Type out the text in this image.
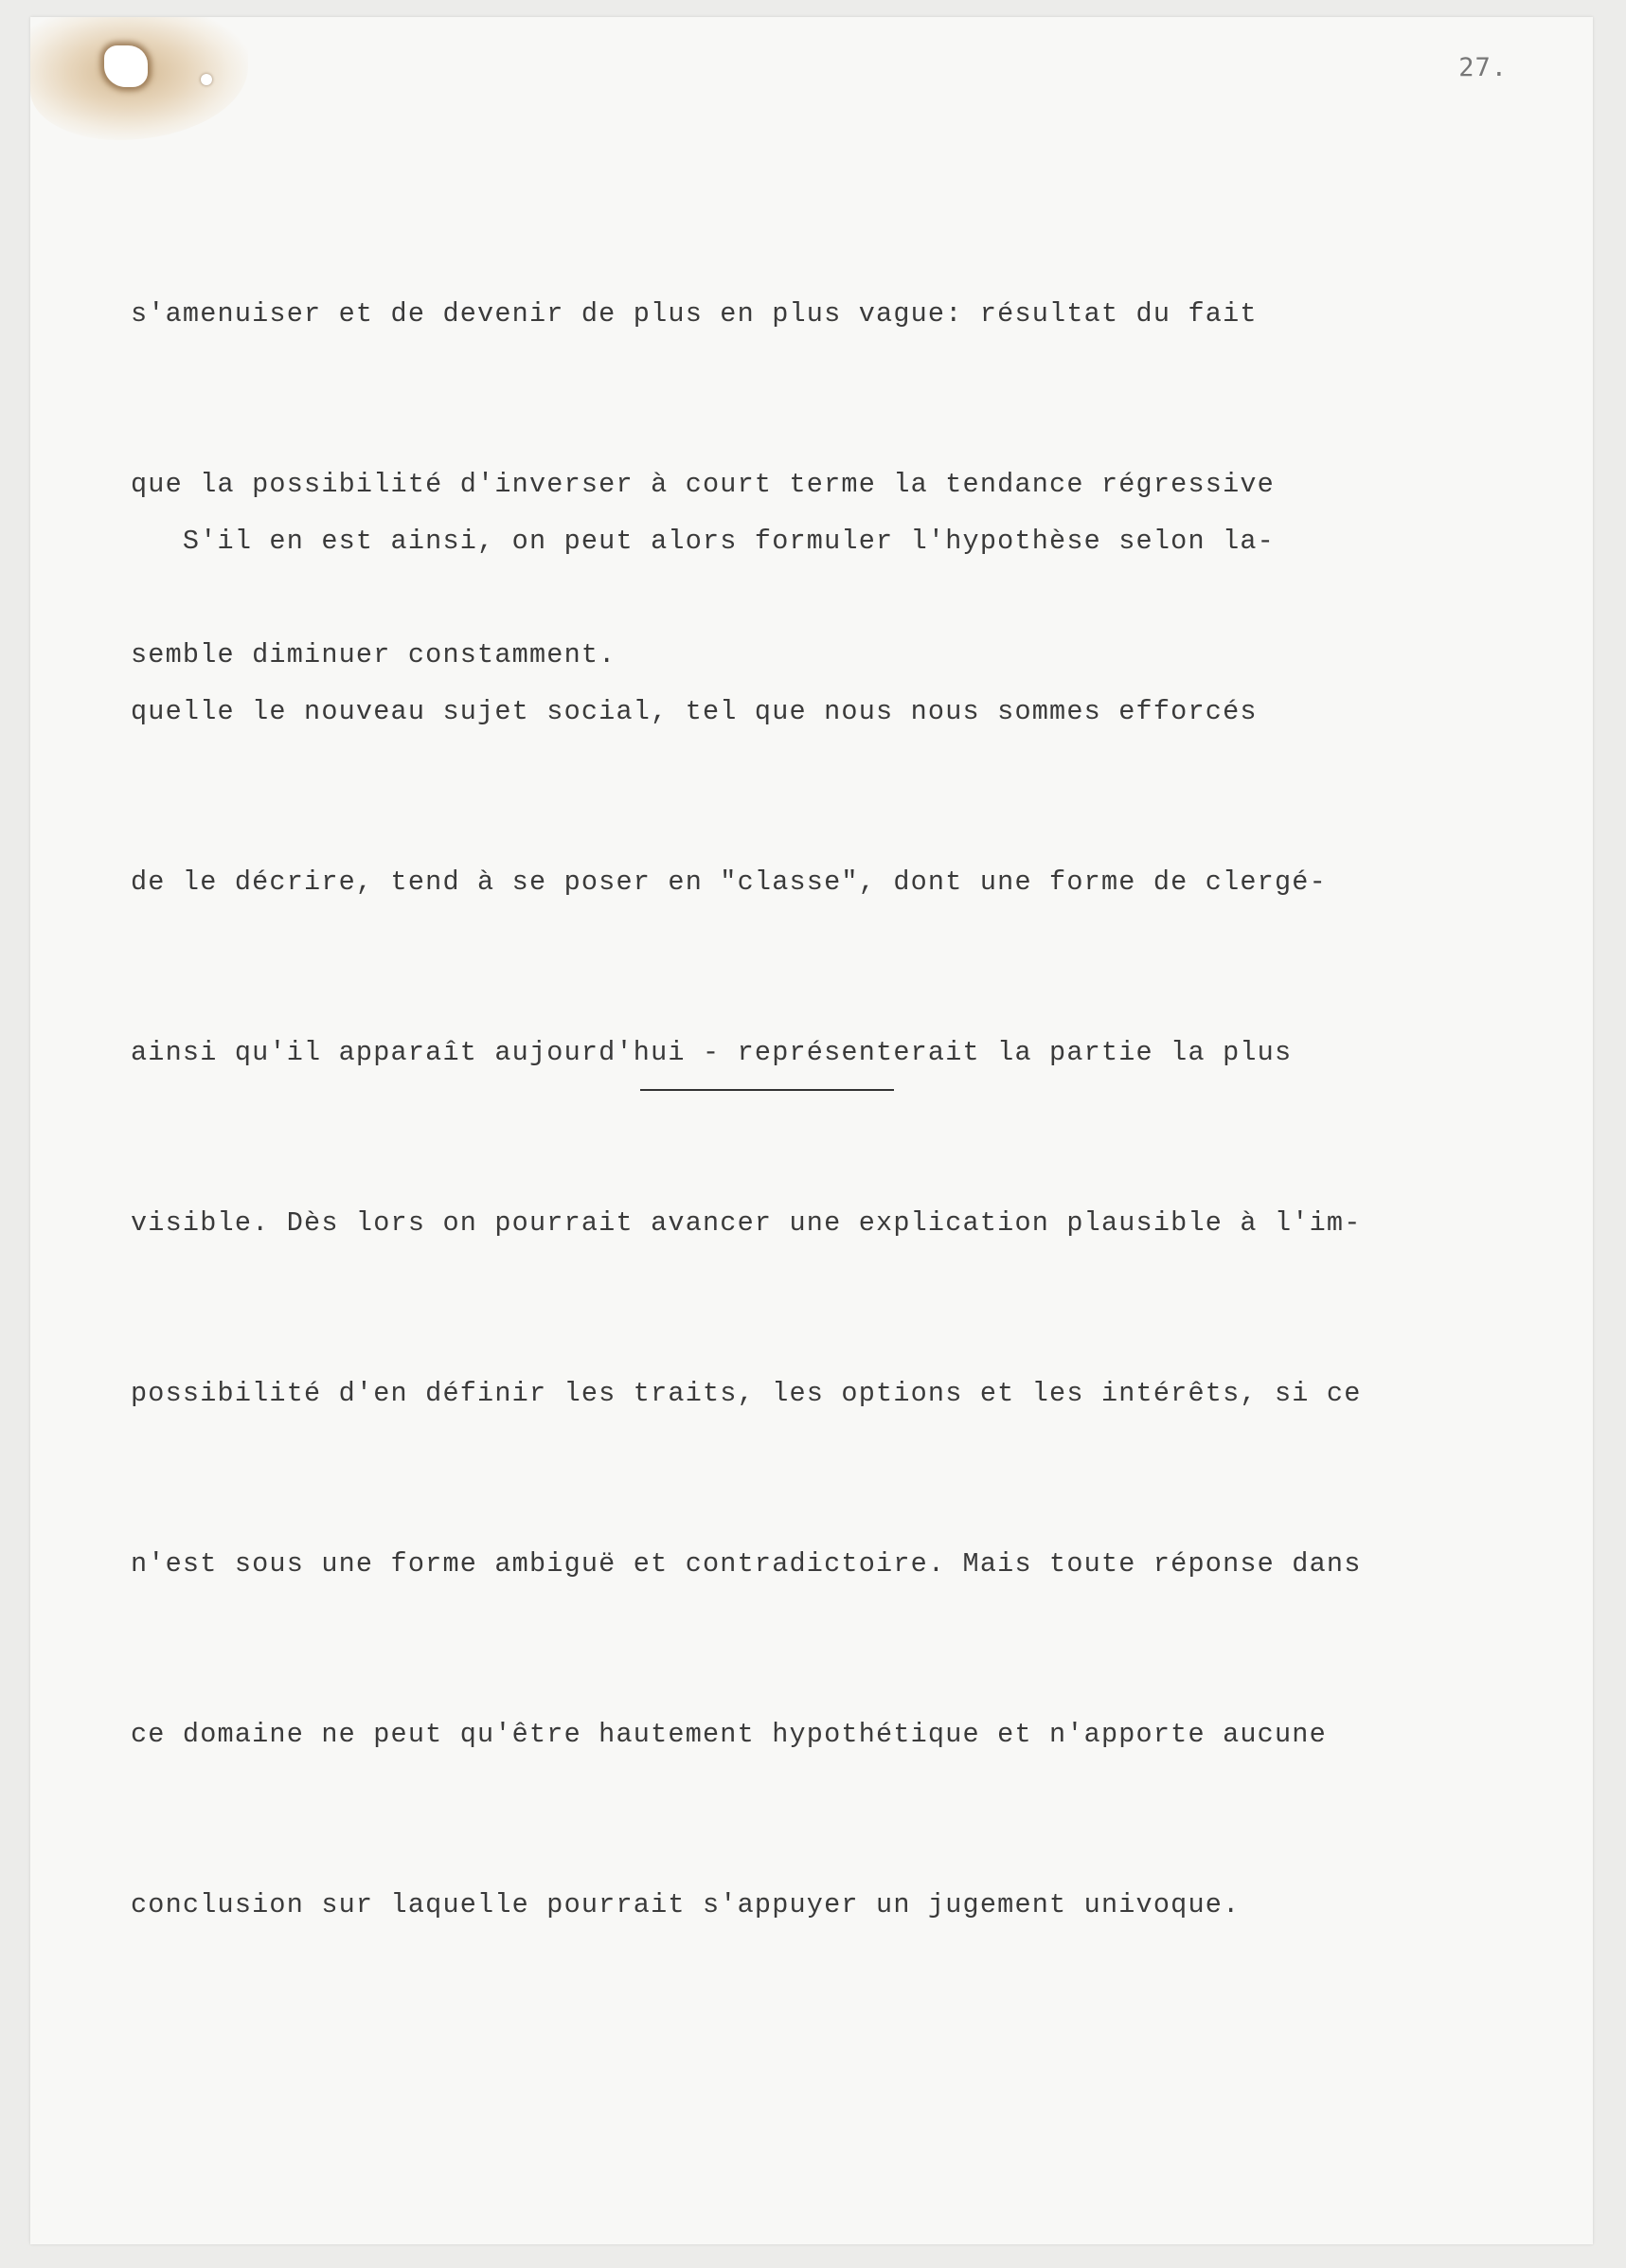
27.

s'amenuiser et de devenir de plus en plus vague: résultat du fait

que la possibilité d'inverser à court terme la tendance régressive

semble diminuer constamment.

S'il en est ainsi, on peut alors formuler l'hypothèse selon la-

quelle le nouveau sujet social, tel que nous nous sommes efforcés

de le décrire, tend à se poser en "classe", dont une forme de clergé-

ainsi qu'il apparaît aujourd'hui - représenterait la partie la plus

visible. Dès lors on pourrait avancer une explication plausible à l'im-

possibilité d'en définir les traits, les options et les intérêts, si ce

n'est sous une forme ambiguë et contradictoire. Mais toute réponse dans

ce domaine ne peut qu'être hautement hypothétique et n'apporte aucune

conclusion sur laquelle pourrait s'appuyer un jugement univoque.
